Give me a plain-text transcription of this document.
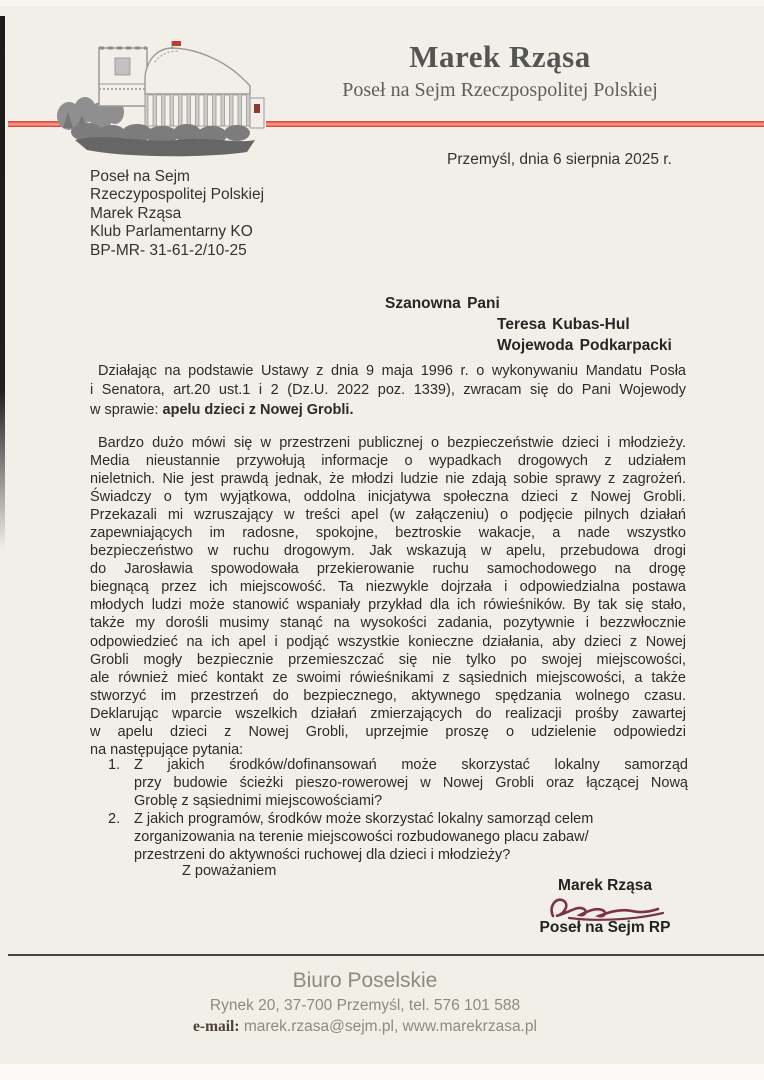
Marek Rząsa
Poseł na Sejm Rzeczpospolitej Polskiej
Przemyśl, dnia 6 sierpnia 2025 r.
Poseł na Sejm
Rzeczypospolitej Polskiej
Marek Rząsa
Klub Parlamentarny KO
BP-MR- 31-61-2/10-25
Szanowna Pani
Teresa Kubas-Hul
Wojewoda Podkarpacki
Działając na podstawie Ustawy z dnia 9 maja 1996 r. o wykonywaniu Mandatu Posła
i Senatora, art.20 ust.1 i 2 (Dz.U. 2022 poz. 1339), zwracam się do Pani Wojewody
w sprawie: apelu dzieci z Nowej Grobli.
Bardzo dużo mówi się w przestrzeni publicznej o bezpieczeństwie dzieci i młodzieży.
Media nieustannie przywołują informacje o wypadkach drogowych z udziałem
nieletnich. Nie jest prawdą jednak, że młodzi ludzie nie zdają sobie sprawy z zagrożeń.
Świadczy o tym wyjątkowa, oddolna inicjatywa społeczna dzieci z Nowej Grobli.
Przekazali mi wzruszający w treści apel (w załączeniu) o podjęcie pilnych działań
zapewniających im radosne, spokojne, beztroskie wakacje, a nade wszystko
bezpieczeństwo w ruchu drogowym. Jak wskazują w apelu, przebudowa drogi
do Jarosławia spowodowała przekierowanie ruchu samochodowego na drogę
biegnącą przez ich miejscowość. Ta niezwykle dojrzała i odpowiedzialna postawa
młodych ludzi może stanowić wspaniały przykład dla ich rówieśników. By tak się stało,
także my dorośli musimy stanąć na wysokości zadania, pozytywnie i bezzwłocznie
odpowiedzieć na ich apel i podjąć wszystkie konieczne działania, aby dzieci z Nowej
Grobli mogły bezpiecznie przemieszczać się nie tylko po swojej miejscowości,
ale również mieć kontakt ze swoimi rówieśnikami z sąsiednich miejscowości, a także
stworzyć im przestrzeń do bezpiecznego, aktywnego spędzania wolnego czasu.
Deklarując wparcie wszelkich działań zmierzających do realizacji prośby zawartej
w apelu dzieci z Nowej Grobli, uprzejmie proszę o udzielenie odpowiedzi
na następujące pytania:
1. Z jakich środków/dofinansowań może skorzystać lokalny samorząd
przy budowie ścieżki pieszo-rowerowej w Nowej Grobli oraz łączącej Nową
Groblę z sąsiednimi miejscowościami?
2. Z jakich programów, środków może skorzystać lokalny samorząd celem
zorganizowania na terenie miejscowości rozbudowanego placu zabaw/
przestrzeni do aktywności ruchowej dla dzieci i młodzieży?
Z poważaniem
Marek Rząsa
Poseł na Sejm RP
Biuro Poselskie
Rynek 20, 37-700 Przemyśl, tel. 576 101 588
e-mail: marek.rzasa@sejm.pl, www.marekrzasa.pl
